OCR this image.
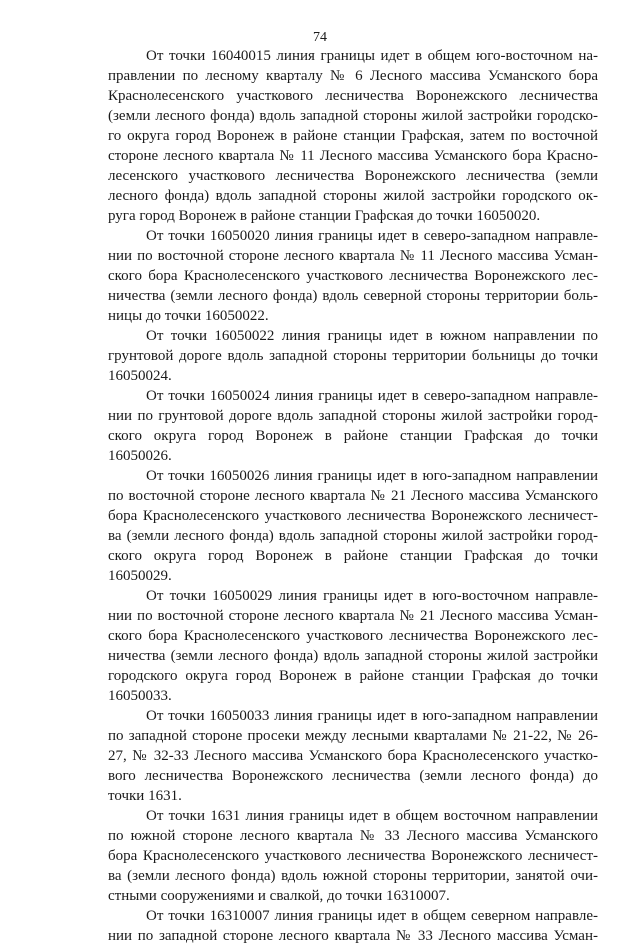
74

От точки 16040015 линия границы идет в общем юго-восточном на-
правлении по лесному кварталу № 6 Лесного массива Усманского бора
Краснолесенского участкового лесничества Воронежского лесничества
(земли лесного фонда) вдоль западной стороны жилой застройки городско-
го округа город Воронеж в районе станции Графская, затем по восточной
стороне лесного квартала № 11 Лесного массива Усманского бора Красно-
лесенского участкового лесничества Воронежского лесничества (земли
лесного фонда) вдоль западной стороны жилой застройки городского ок-
руга город Воронеж в районе станции Графская до точки 16050020.

От точки 16050020 линия границы идет в северо-западном направле-
нии по восточной стороне лесного квартала № 11 Лесного массива Усман-
ского бора Краснолесенского участкового лесничества Воронежского лес-
ничества (земли лесного фонда) вдоль северной стороны территории боль-
ницы до точки 16050022.

От точки 16050022 линия границы идет в южном направлении по
грунтовой дороге вдоль западной стороны территории больницы до точки
16050024.

От точки 16050024 линия границы идет в северо-западном направле-
нии по грунтовой дороге вдоль западной стороны жилой застройки город-
ского округа город Воронеж в районе станции Графская до точки
16050026.

От точки 16050026 линия границы идет в юго-западном направлении
по восточной стороне лесного квартала № 21 Лесного массива Усманского
бора Краснолесенского участкового лесничества Воронежского лесничест-
ва (земли лесного фонда) вдоль западной стороны жилой застройки город-
ского округа город Воронеж в районе станции Графская до точки
16050029.

От точки 16050029 линия границы идет в юго-восточном направле-
нии по восточной стороне лесного квартала № 21 Лесного массива Усман-
ского бора Краснолесенского участкового лесничества Воронежского лес-
ничества (земли лесного фонда) вдоль западной стороны жилой застройки
городского округа город Воронеж в районе станции Графская до точки
16050033.

От точки 16050033 линия границы идет в юго-западном направлении
по западной стороне просеки между лесными кварталами № 21-22, № 26-
27, № 32-33 Лесного массива Усманского бора Краснолесенского участко-
вого лесничества Воронежского лесничества (земли лесного фонда) до
точки 1631.

От точки 1631 линия границы идет в общем восточном направлении
по южной стороне лесного квартала № 33 Лесного массива Усманского
бора Краснолесенского участкового лесничества Воронежского лесничест-
ва (земли лесного фонда) вдоль южной стороны территории, занятой очи-
стными сооружениями и свалкой, до точки 16310007.

От точки 16310007 линия границы идет в общем северном направле-
нии по западной стороне лесного квартала № 33 Лесного массива Усман-
